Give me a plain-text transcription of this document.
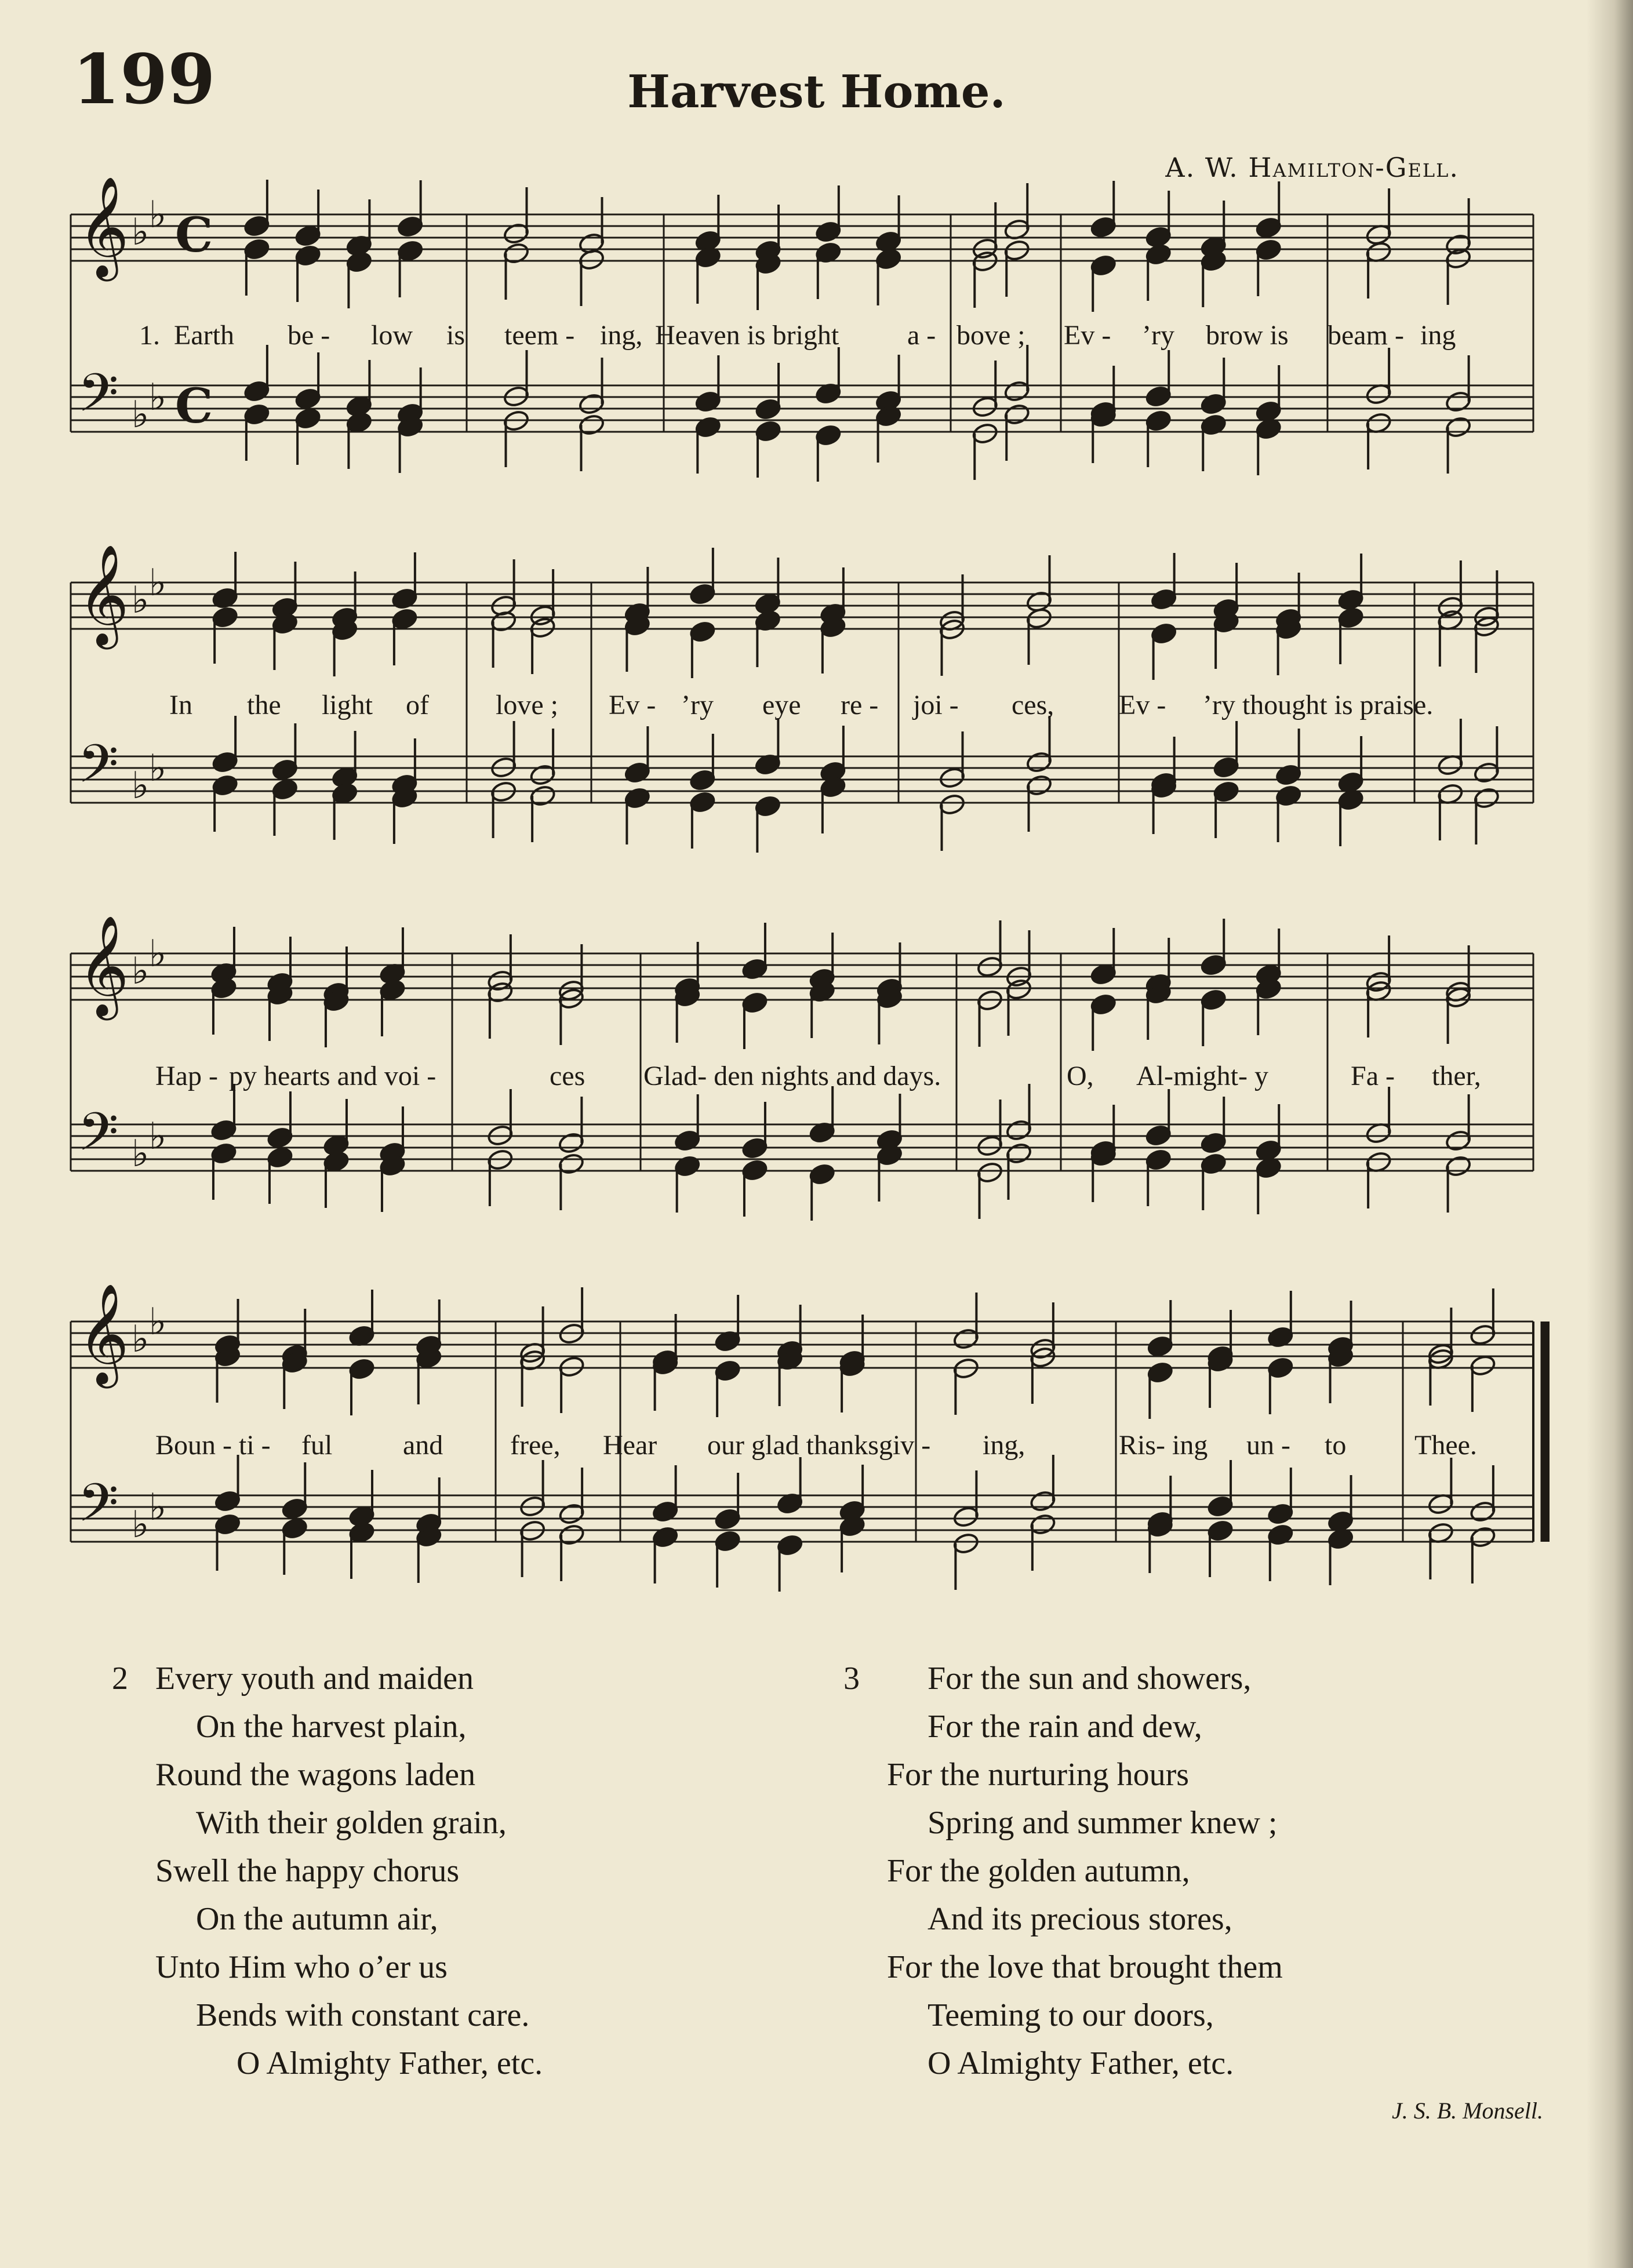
199	Harvest Home.
A. W. Hamilton-Gell.
𝄞
𝄢
♭ ♭
♭ ♭
C
C
𝄞
𝄢
♭ ♭
♭ ♭
𝄞
𝄢
♭ ♭
♭ ♭
𝄞
𝄢
♭ ♭
♭ ♭
1. Earth be - low is teem - ing, Heaven is bright a - bove ; Ev - ’ry brow is beam - ing
In the light of love ; Ev - ’ry eye re - joi - ces, Ev - ’ry thought is praise.
Hap - py hearts and voi -	ces Glad- den nights and days.	O, Al-might- y	Fa - ther,
Boun - ti - ful	and free, Hear our glad thanksgiv - ing,	Ris- ing un - to Thee.
2 Every youth and maiden
On the harvest plain,
Round the wagons laden
With their golden grain,
Swell the happy chorus
On the autumn air,
Unto Him who o’er us
Bends with constant care.
O Almighty Father, etc.
3	For the sun and showers,
For the rain and dew,
For the nurturing hours
Spring and summer knew ;
For the golden autumn,
And its precious stores,
For the love that brought them
Teeming to our doors,
O Almighty Father, etc.
J. S. B. Monsell.
